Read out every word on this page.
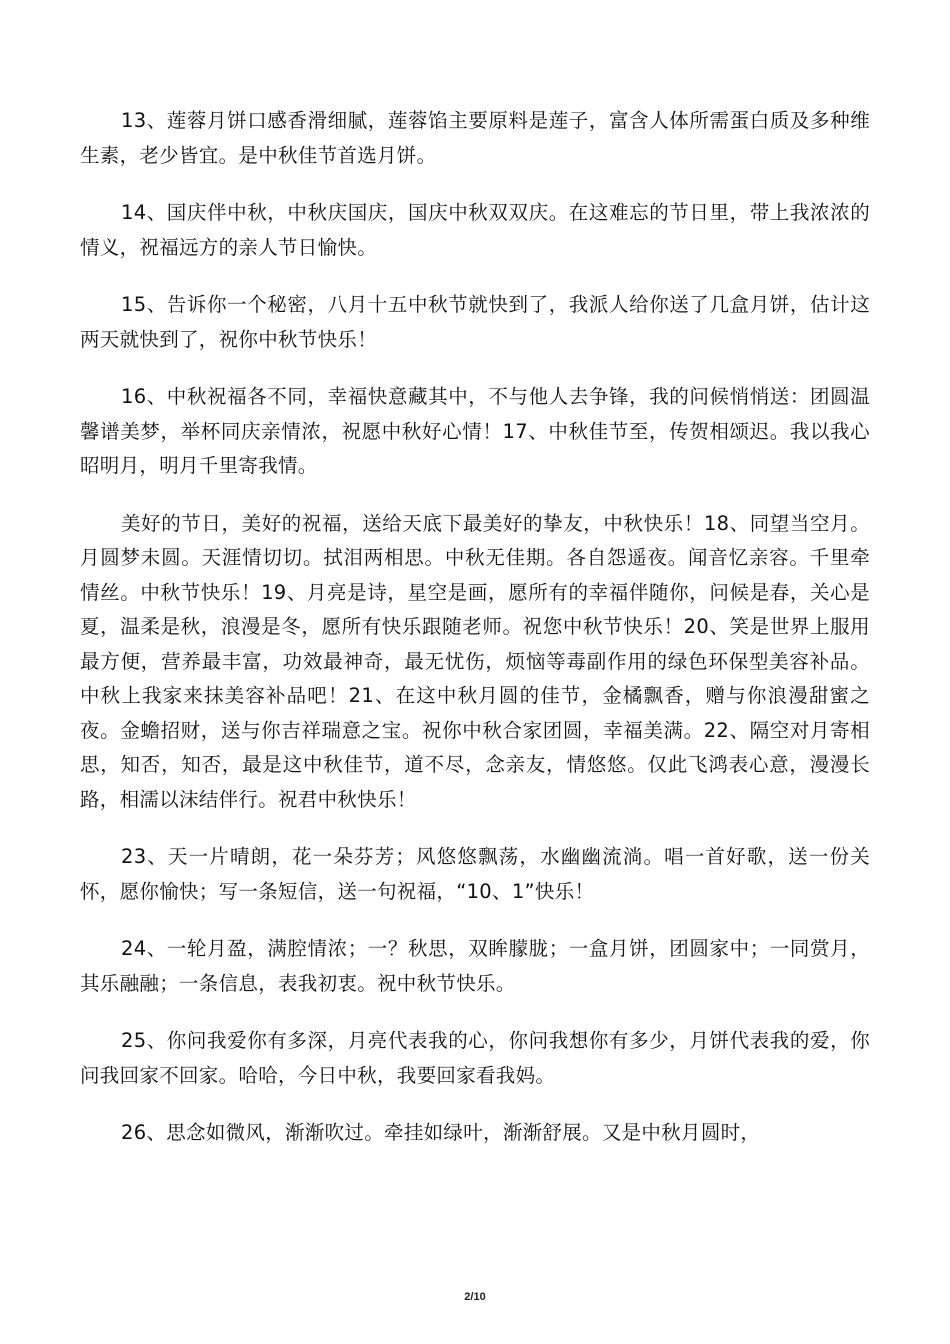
13、莲蓉月饼口感香滑细腻，莲蓉馅主要原料是莲子，富含人体所需蛋白质及多种维生素，老少皆宜。是中秋佳节首选月饼。

14、国庆伴中秋，中秋庆国庆，国庆中秋双双庆。在这难忘的节日里，带上我浓浓的情义，祝福远方的亲人节日愉快。

15、告诉你一个秘密，八月十五中秋节就快到了，我派人给你送了几盒月饼，估计这两天就快到了，祝你中秋节快乐！

16、中秋祝福各不同，幸福快意藏其中，不与他人去争锋，我的问候悄悄送：团圆温馨谱美梦，举杯同庆亲情浓，祝愿中秋好心情！17、中秋佳节至，传贺相颂迟。我以我心昭明月，明月千里寄我情。

美好的节日，美好的祝福，送给天底下最美好的挚友，中秋快乐！18、同望当空月。月圆梦未圆。天涯情切切。拭泪两相思。中秋无佳期。各自怨遥夜。闻音忆亲容。千里牵情丝。中秋节快乐！19、月亮是诗，星空是画，愿所有的幸福伴随你，问候是春，关心是夏，温柔是秋，浪漫是冬，愿所有快乐跟随老师。祝您中秋节快乐！20、笑是世界上服用最方便，营养最丰富，功效最神奇，最无忧伤，烦恼等毒副作用的绿色环保型美容补品。中秋上我家来抹美容补品吧！21、在这中秋月圆的佳节，金橘飘香，赠与你浪漫甜蜜之夜。金蟾招财，送与你吉祥瑞意之宝。祝你中秋合家团圆，幸福美满。22、隔空对月寄相思，知否，知否，最是这中秋佳节，道不尽，念亲友，情悠悠。仅此飞鸿表心意，漫漫长路，相濡以沫结伴行。祝君中秋快乐！

23、天一片晴朗，花一朵芬芳；风悠悠飘荡，水幽幽流淌。唱一首好歌，送一份关怀，愿你愉快；写一条短信，送一句祝福，“10、1”快乐！

24、一轮月盈，满腔情浓；一？秋思，双眸朦胧；一盒月饼，团圆家中；一同赏月，其乐融融；一条信息，表我初衷。祝中秋节快乐。

25、你问我爱你有多深，月亮代表我的心，你问我想你有多少，月饼代表我的爱，你问我回家不回家。哈哈，今日中秋，我要回家看我妈。

26、思念如微风，渐渐吹过。牵挂如绿叶，渐渐舒展。又是中秋月圆时，

2/10
